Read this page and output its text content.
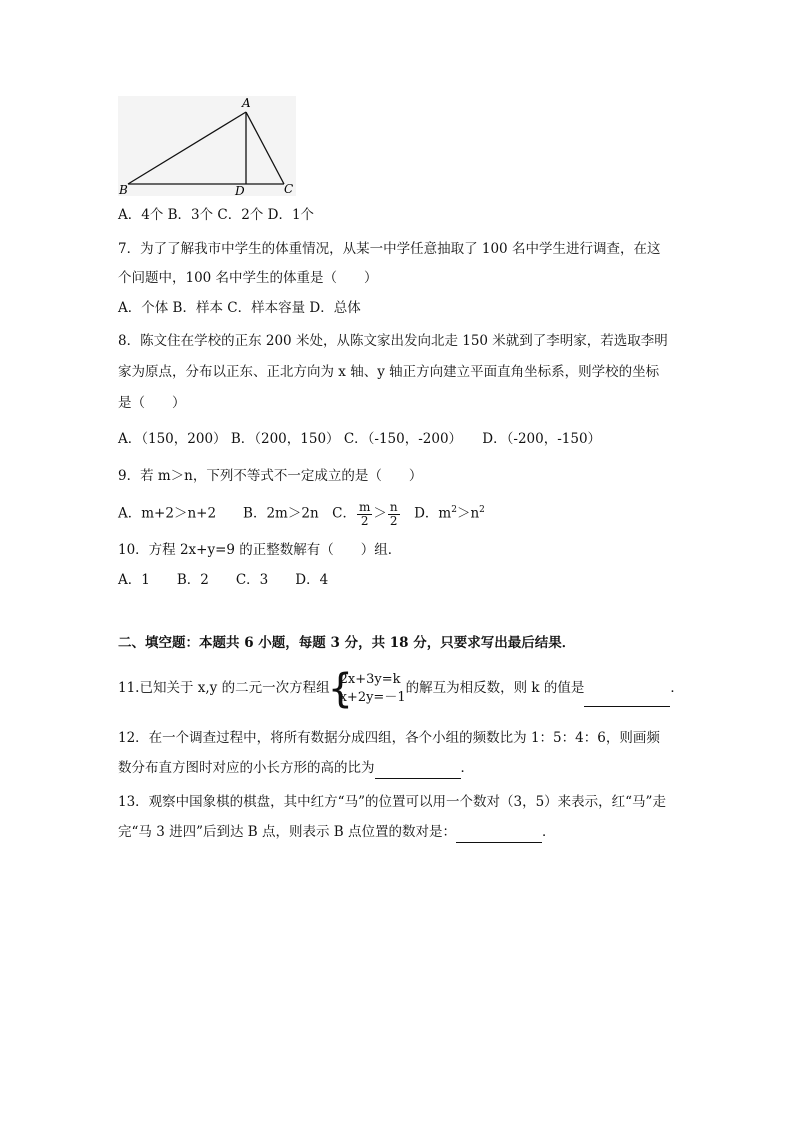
A
B	D	C
A．4个 B．3个 C．2个 D．1个
7．为了了解我市中学生的体重情况，从某一中学任意抽取了 100 名中学生进行调查，在这
个问题中，100 名中学生的体重是（　　）
A．个体 B．样本 C．样本容量 D．总体
8．陈文住在学校的正东 200 米处，从陈文家出发向北走 150 米就到了李明家，若选取李明
家为原点，分布以正东、正北方向为 x 轴、y 轴正方向建立平面直角坐标系，则学校的坐标
是（　　）
A．（150，200） B．（200，150） C．（-150，-200）　　D．（-200，-150）
9．若 m＞n，下列不等式不一定成立的是（　　）
A．m+2＞n+2　　B．2m＞2n　C． $\frac{m}{2} > \frac{n}{2}$ 　D．$m^2>n^2$
10．方程 2x+y=9 的正整数解有（　　）组．
A．1　　B．2　　C．3　　D．4
二、填空题：本题共 6 小题，每题 3 分，共 18 分，只要求写出最后结果．
11.已知关于 x,y 的二元一次方程组
{
2x+3y=k
x+2y=－1
的解互为相反数，则 k 的值是	．
12．在一个调查过程中，将所有数据分成四组，各个小组的频数比为 1：5：4：6，则画频
数分布直方图时对应的小长方形的高的比为	．
13．观察中国象棋的棋盘，其中红方“马”的位置可以用一个数对（3，5）来表示，红“马”走
完“马 3 进四”后到达 B 点，则表示 B 点位置的数对是：	．
